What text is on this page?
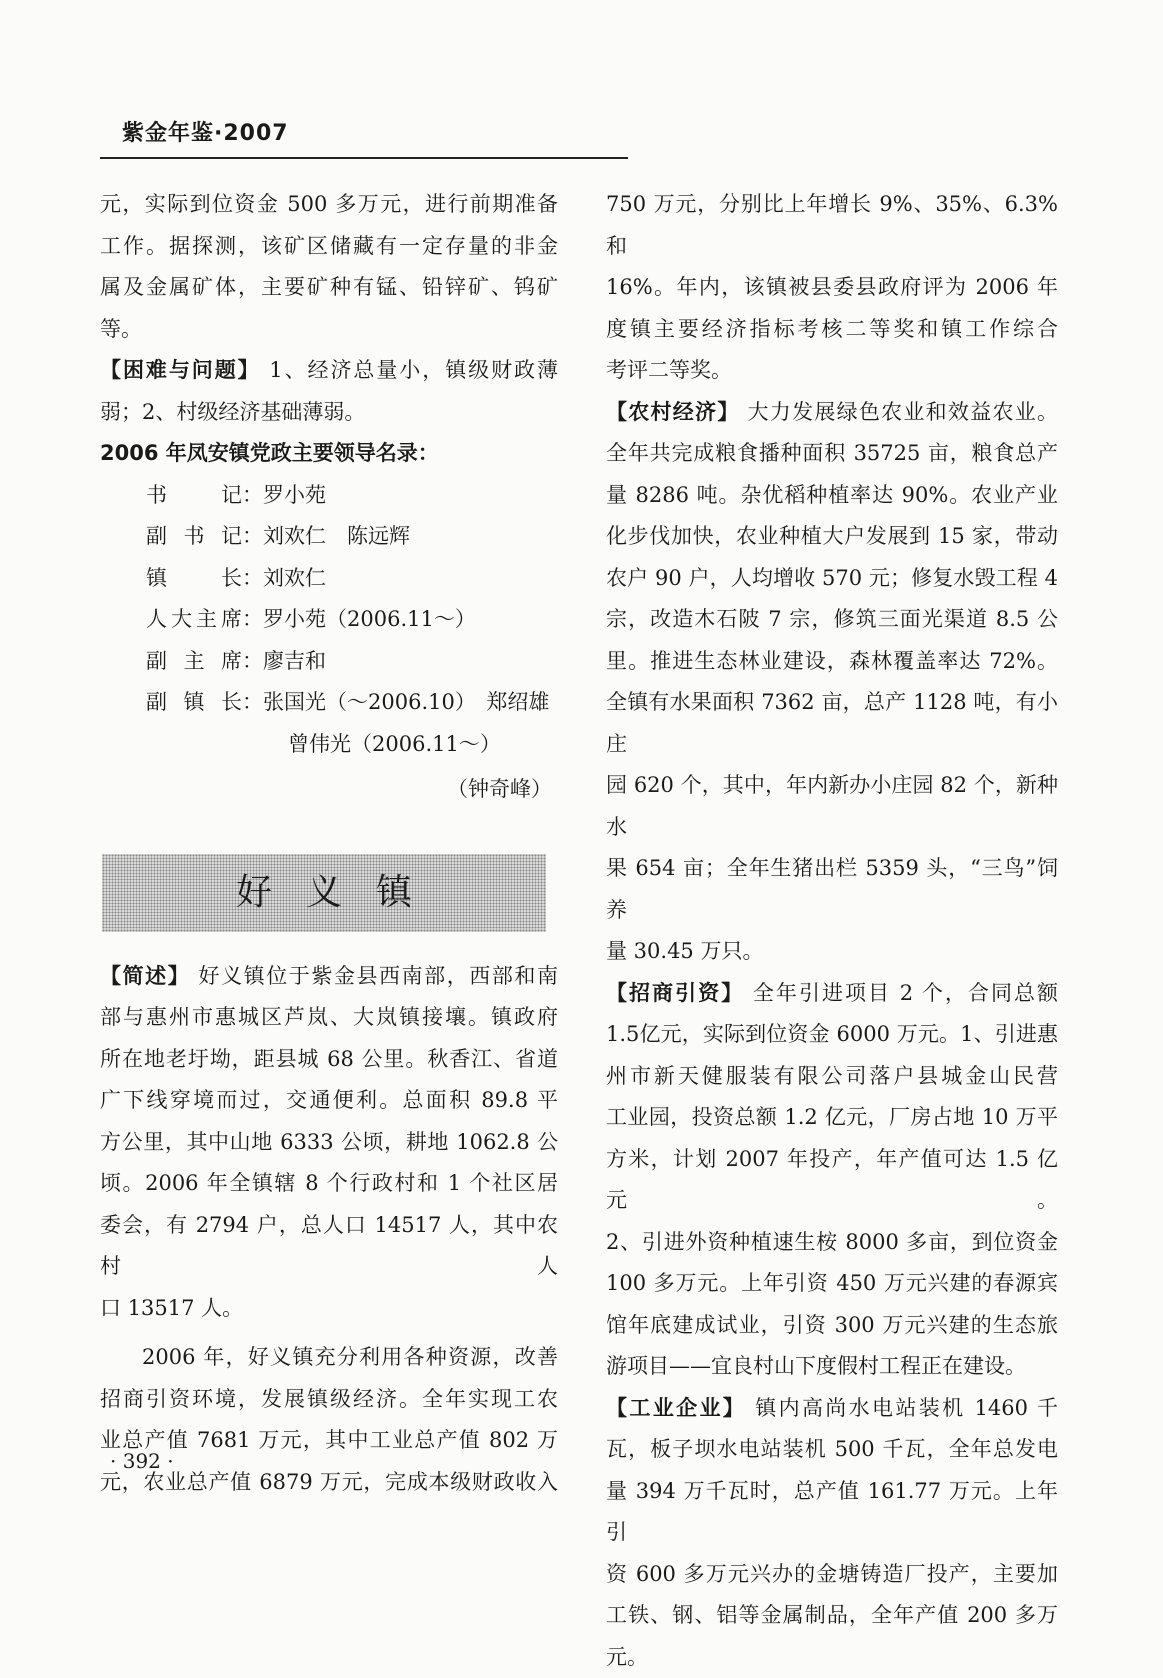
紫金年鉴·2007

元，实际到位资金 500 多万元，进行前期准备

工作。据探测，该矿区储藏有一定存量的非金

属及金属矿体，主要矿种有锰、铅锌矿、钨矿

等。

【困难与问题】 1、经济总量小，镇级财政薄

弱；2、村级经济基础薄弱。

2006 年凤安镇党政主要领导名录：

书记：罗小苑

副书记：刘欢仁　陈远辉

镇长：刘欢仁

人大主席：罗小苑（2006.11～）

副主席：廖吉和

副镇长：张国光（～2006.10）　郑绍雄

曾伟光（2006.11～）

（钟奇峰）

好义镇

【简述】 好义镇位于紫金县西南部，西部和南

部与惠州市惠城区芦岚、大岚镇接壤。镇政府

所在地老圩坳，距县城 68 公里。秋香江、省道

广下线穿境而过，交通便利。总面积 89.8 平

方公里，其中山地 6333 公顷，耕地 1062.8 公

顷。2006 年全镇辖 8 个行政村和 1 个社区居

委会，有 2794 户，总人口 14517 人，其中农村人

口 13517 人。

2006 年，好义镇充分利用各种资源，改善

招商引资环境，发展镇级经济。全年实现工农

业总产值 7681 万元，其中工业总产值 802 万

元，农业总产值 6879 万元，完成本级财政收入

750 万元，分别比上年增长 9%、35%、6.3% 和

16%。年内，该镇被县委县政府评为 2006 年

度镇主要经济指标考核二等奖和镇工作综合

考评二等奖。

【农村经济】 大力发展绿色农业和效益农业。

全年共完成粮食播种面积 35725 亩，粮食总产

量 8286 吨。杂优稻种植率达 90%。农业产业

化步伐加快，农业种植大户发展到 15 家，带动

农户 90 户，人均增收 570 元；修复水毁工程 4

宗，改造木石陂 7 宗，修筑三面光渠道 8.5 公

里。推进生态林业建设，森林覆盖率达 72%。

全镇有水果面积 7362 亩，总产 1128 吨，有小庄

园 620 个，其中，年内新办小庄园 82 个，新种水

果 654 亩；全年生猪出栏 5359 头，“三鸟”饲养

量 30.45 万只。

【招商引资】 全年引进项目 2 个，合同总额

1.5亿元，实际到位资金 6000 万元。1、引进惠

州市新天健服装有限公司落户县城金山民营

工业园，投资总额 1.2 亿元，厂房占地 10 万平

方米，计划 2007 年投产，年产值可达 1.5 亿元。

2、引进外资种植速生桉 8000 多亩，到位资金

100 多万元。上年引资 450 万元兴建的春源宾

馆年底建成试业，引资 300 万元兴建的生态旅

游项目——宜良村山下度假村工程正在建设。

【工业企业】 镇内高尚水电站装机 1460 千

瓦，板子坝水电站装机 500 千瓦，全年总发电

量 394 万千瓦时，总产值 161.77 万元。上年引

资 600 多万元兴办的金塘铸造厂投产，主要加

工铁、钢、铝等金属制品，全年产值 200 多万

元。

· 392 ·
